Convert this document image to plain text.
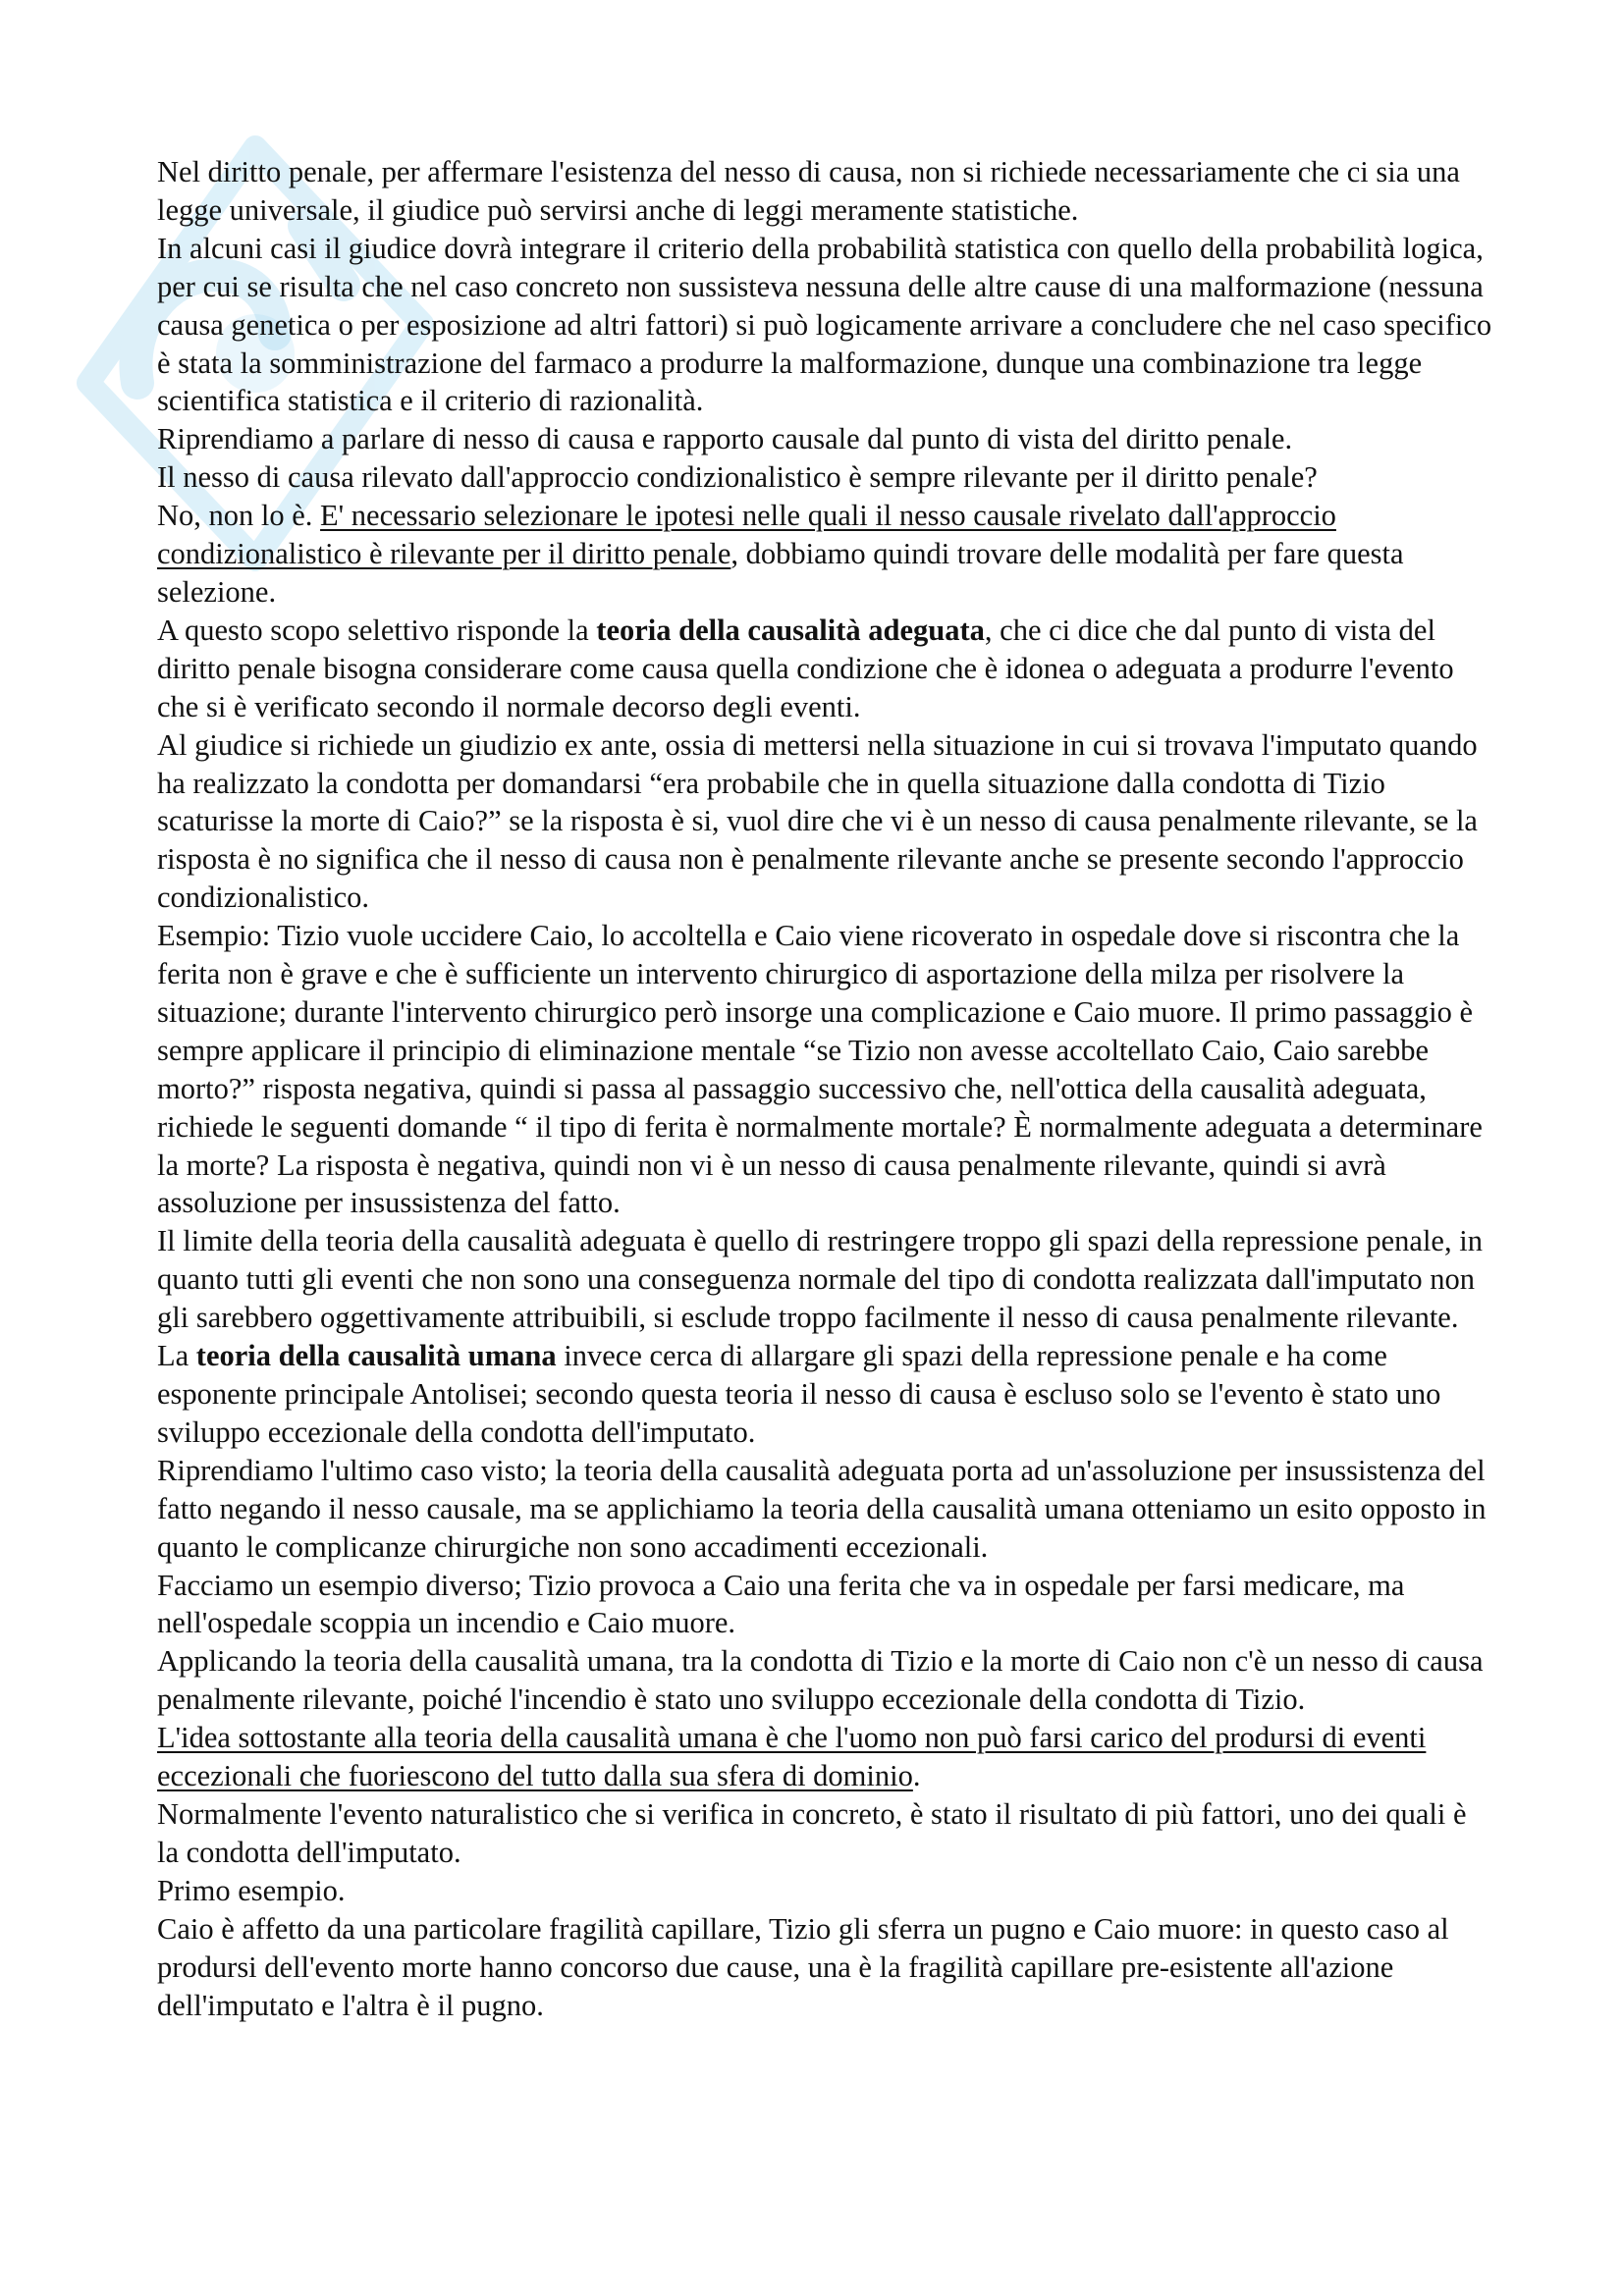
Nel diritto penale, per affermare l'esistenza del nesso di causa, non si richiede necessariamente che ci sia una legge universale, il giudice può servirsi anche di leggi meramente statistiche.

In alcuni casi il giudice dovrà integrare il criterio della probabilità statistica con quello della probabilità logica, per cui se risulta che nel caso concreto non sussisteva nessuna delle altre cause di una malformazione (nessuna causa genetica o per esposizione ad altri fattori) si può logicamente arrivare a concludere che nel caso specifico è stata la somministrazione del farmaco a produrre la malformazione, dunque una combinazione tra legge scientifica statistica e il criterio di razionalità.

Riprendiamo a parlare di nesso di causa e rapporto causale dal punto di vista del diritto penale.

Il nesso di causa rilevato dall'approccio condizionalistico è sempre rilevante per il diritto penale?

No, non lo è. E' necessario selezionare le ipotesi nelle quali il nesso causale rivelato dall'approccio condizionalistico è rilevante per il diritto penale, dobbiamo quindi trovare delle modalità per fare questa selezione.

A questo scopo selettivo risponde la teoria della causalità adeguata, che ci dice che dal punto di vista del diritto penale bisogna considerare come causa quella condizione che è idonea o adeguata a produrre l'evento che si è verificato secondo il normale decorso degli eventi.

Al giudice si richiede un giudizio ex ante, ossia di mettersi nella situazione in cui si trovava l'imputato quando ha realizzato la condotta per domandarsi “era probabile che in quella situazione dalla condotta di Tizio scaturisse la morte di Caio?” se la risposta è si, vuol dire che vi è un nesso di causa penalmente rilevante, se la risposta è no significa che il nesso di causa non è penalmente rilevante anche se presente secondo l'approccio condizionalistico.

Esempio: Tizio vuole uccidere Caio, lo accoltella e Caio viene ricoverato in ospedale dove si riscontra che la ferita non è grave e che è sufficiente un intervento chirurgico di asportazione della milza per risolvere la situazione; durante l'intervento chirurgico però insorge una complicazione e Caio muore. Il primo passaggio è sempre applicare il principio di eliminazione mentale “se Tizio non avesse accoltellato Caio, Caio sarebbe morto?” risposta negativa, quindi si passa al passaggio successivo che, nell'ottica della causalità adeguata, richiede le seguenti domande “ il tipo di ferita è normalmente mortale? È normalmente adeguata a determinare la morte? La risposta è negativa, quindi non vi è un nesso di causa penalmente rilevante, quindi si avrà assoluzione per insussistenza del fatto.

Il limite della teoria della causalità adeguata è quello di restringere troppo gli spazi della repressione penale, in quanto tutti gli eventi che non sono una conseguenza normale del tipo di condotta realizzata dall'imputato non gli sarebbero oggettivamente attribuibili, si esclude troppo facilmente il nesso di causa penalmente rilevante.

La teoria della causalità umana invece cerca di allargare gli spazi della repressione penale e ha come esponente principale Antolisei; secondo questa teoria il nesso di causa è escluso solo se l'evento è stato uno sviluppo eccezionale della condotta dell'imputato.

Riprendiamo l'ultimo caso visto; la teoria della causalità adeguata porta ad un'assoluzione per insussistenza del fatto negando il nesso causale, ma se applichiamo la teoria della causalità umana otteniamo un esito opposto in quanto le complicanze chirurgiche non sono accadimenti eccezionali.

Facciamo un esempio diverso; Tizio provoca a Caio una ferita che va in ospedale per farsi medicare, ma nell'ospedale scoppia un incendio e Caio muore.

Applicando la teoria della causalità umana, tra la condotta di Tizio e la morte di Caio non c'è un nesso di causa penalmente rilevante, poiché l'incendio è stato uno sviluppo eccezionale della condotta di Tizio.

L'idea sottostante alla teoria della causalità umana è che l'uomo non può farsi carico del prodursi di eventi eccezionali che fuoriescono del tutto dalla sua sfera di dominio.

Normalmente l'evento naturalistico che si verifica in concreto, è stato il risultato di più fattori, uno dei quali è la condotta dell'imputato.

Primo esempio.

Caio è affetto da una particolare fragilità capillare, Tizio gli sferra un pugno e Caio muore: in questo caso al prodursi dell'evento morte hanno concorso due cause, una è la fragilità capillare pre-esistente all'azione dell'imputato e l'altra è il pugno.
